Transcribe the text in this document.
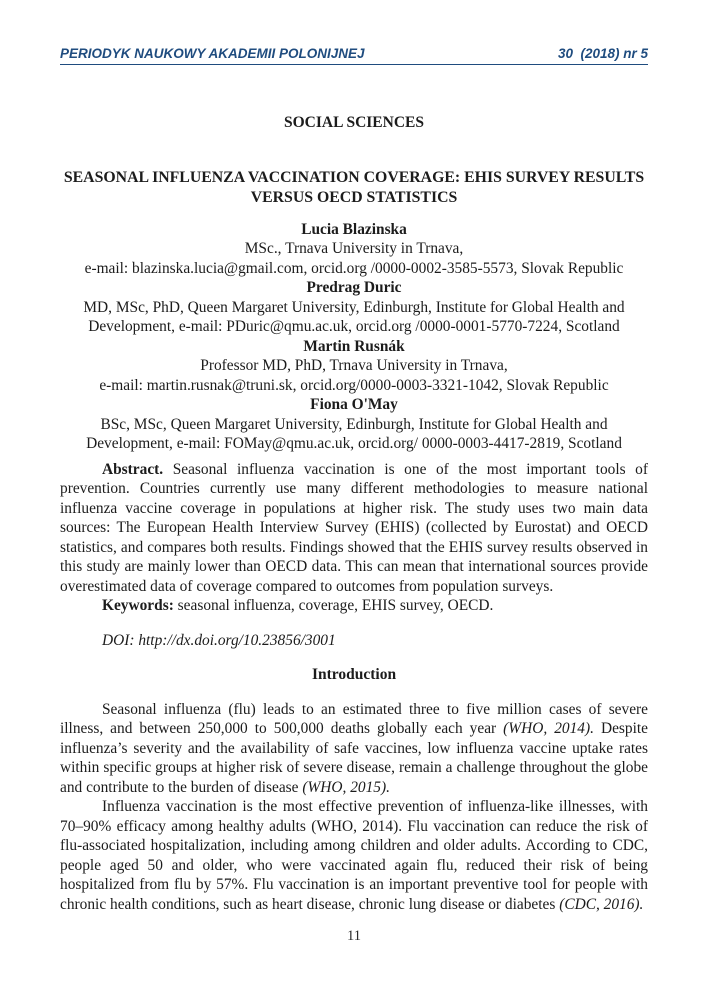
PERIODYK NAUKOWY AKADEMII POLONIJNEJ	30  (2018) nr 5
SOCIAL SCIENCES
SEASONAL INFLUENZA VACCINATION COVERAGE: EHIS SURVEY RESULTS
VERSUS OECD STATISTICS
Lucia Blazinska
MSc., Trnava University in Trnava,
e-mail: blazinska.lucia@gmail.com, orcid.org /0000-0002-3585-5573, Slovak Republic
Predrag Duric
MD, MSc, PhD, Queen Margaret University, Edinburgh, Institute for Global Health and
Development, e-mail: PDuric@qmu.ac.uk, orcid.org /0000-0001-5770-7224, Scotland
Martin Rusnák
Professor MD, PhD, Trnava University in Trnava,
e-mail: martin.rusnak@truni.sk, orcid.org/0000-0003-3321-1042, Slovak Republic
Fiona O'May
BSc, MSc, Queen Margaret University, Edinburgh, Institute for Global Health and
Development, e-mail: FOMay@qmu.ac.uk, orcid.org/ 0000-0003-4417-2819, Scotland

Abstract. Seasonal influenza vaccination is one of the most important tools of prevention. Countries currently use many different methodologies to measure national influenza vaccine coverage in populations at higher risk. The study uses two main data sources: The European Health Interview Survey (EHIS) (collected by Eurostat) and OECD statistics, and compares both results. Findings showed that the EHIS survey results observed in this study are mainly lower than OECD data. This can mean that international sources provide overestimated data of coverage compared to outcomes from population surveys.

Keywords: seasonal influenza, coverage, EHIS survey, OECD.

DOI: http://dx.doi.org/10.23856/3001

Introduction

Seasonal influenza (flu) leads to an estimated three to five million cases of severe illness, and between 250,000 to 500,000 deaths globally each year (WHO, 2014). Despite influenza’s severity and the availability of safe vaccines, low influenza vaccine uptake rates within specific groups at higher risk of severe disease, remain a challenge throughout the globe and contribute to the burden of disease (WHO, 2015).

Influenza vaccination is the most effective prevention of influenza-like illnesses, with 70–90% efficacy among healthy adults (WHO, 2014). Flu vaccination can reduce the risk of flu-associated hospitalization, including among children and older adults. According to CDC, people aged 50 and older, who were vaccinated again flu, reduced their risk of being hospitalized from flu by 57%. Flu vaccination is an important preventive tool for people with chronic health conditions, such as heart disease, chronic lung disease or diabetes (CDC, 2016).

11
